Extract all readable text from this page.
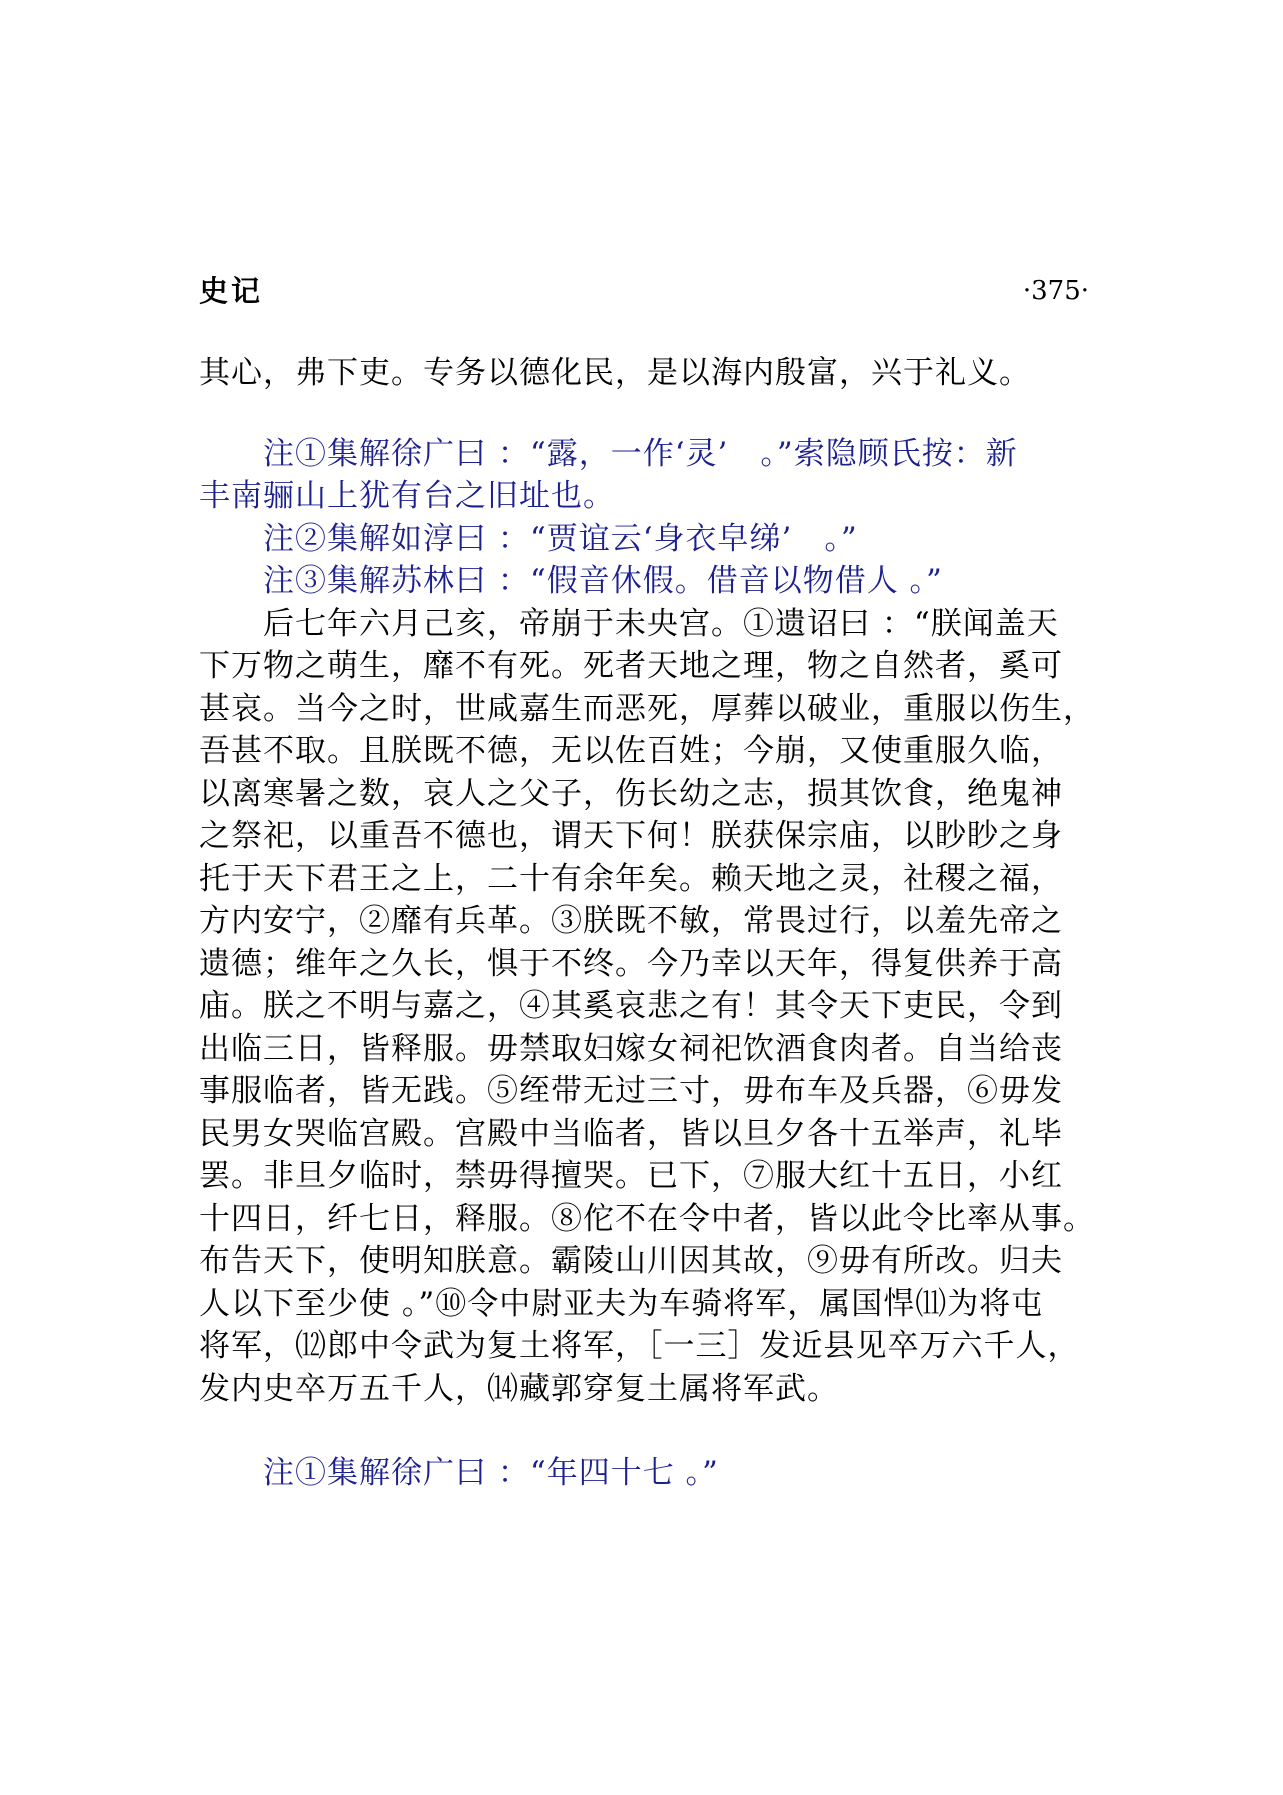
史记	·375·

其心，弗下吏。专务以德化民，是以海内殷富，兴于礼义。

注①集解徐广曰 ：“露，一作‘灵’　。”索隐顾氏按：新
丰南骊山上犹有台之旧址也。
注②集解如淳曰 ：“贾谊云‘身衣皁绨’　。”
注③集解苏林曰 ：“假音休假。借音以物借人 。”
后七年六月己亥，帝崩于未央宫。①遗诏曰 ：“朕闻盖天
下万物之萌生，靡不有死。死者天地之理，物之自然者，奚可
甚哀。当今之时，世咸嘉生而恶死，厚葬以破业，重服以伤生，
吾甚不取。且朕既不德，无以佐百姓；今崩，又使重服久临，
以离寒暑之数，哀人之父子，伤长幼之志，损其饮食，绝鬼神
之祭祀，以重吾不德也，谓天下何！朕获保宗庙，以眇眇之身
托于天下君王之上，二十有余年矣。赖天地之灵，社稷之福，
方内安宁，②靡有兵革。③朕既不敏，常畏过行，以羞先帝之
遗德；维年之久长，惧于不终。今乃幸以天年，得复供养于高
庙。朕之不明与嘉之，④其奚哀悲之有！其令天下吏民，令到
出临三日，皆释服。毋禁取妇嫁女祠祀饮酒食肉者。自当给丧
事服临者，皆无践。⑤绖带无过三寸，毋布车及兵器，⑥毋发
民男女哭临宫殿。宫殿中当临者，皆以旦夕各十五举声，礼毕
罢。非旦夕临时，禁毋得擅哭。已下，⑦服大红十五日，小红
十四日，纤七日，释服。⑧佗不在令中者，皆以此令比率从事。
布告天下，使明知朕意。霸陵山川因其故，⑨毋有所改。归夫
人以下至少使 。”⑩令中尉亚夫为车骑将军，属国悍⑾为将屯
将军，⑿郎中令武为复土将军，［一三］发近县见卒万六千人，
发内史卒万五千人，⒁藏郭穿复土属将军武。
注①集解徐广曰 ：“年四十七 。”
